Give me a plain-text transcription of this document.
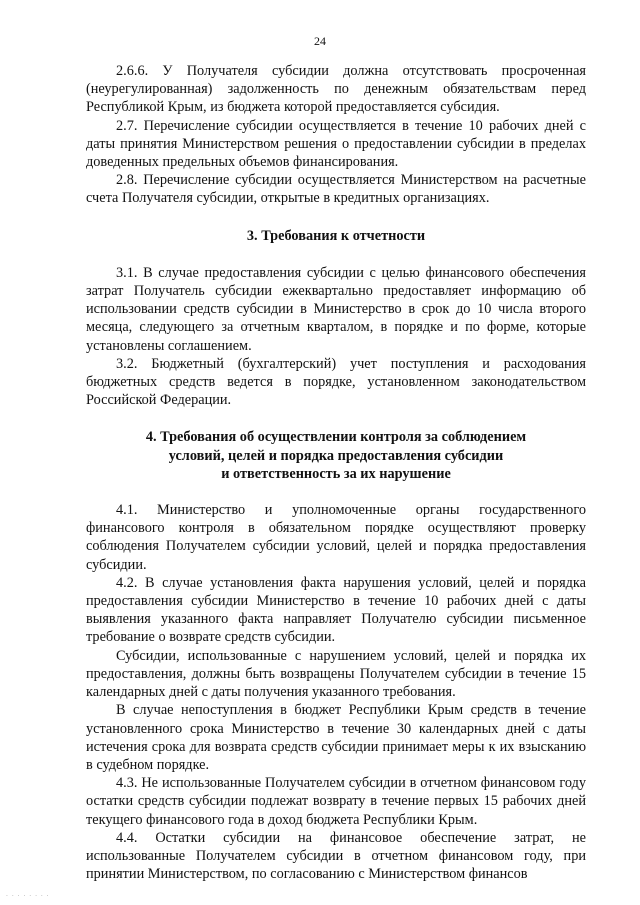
24

2.6.6. У Получателя субсидии должна отсутствовать просроченная (неурегулированная) задолженность по денежным обязательствам перед Республикой Крым, из бюджета которой предоставляется субсидия.

2.7. Перечисление субсидии осуществляется в течение 10 рабочих дней с даты принятия Министерством решения о предоставлении субсидии в пределах доведенных предельных объемов финансирования.

2.8. Перечисление субсидии осуществляется Министерством на расчетные счета Получателя субсидии, открытые в кредитных организациях.

3. Требования к отчетности

3.1. В случае предоставления субсидии с целью финансового обеспечения затрат Получатель субсидии ежеквартально предоставляет информацию об использовании средств субсидии в Министерство в срок до 10 числа второго месяца, следующего за отчетным кварталом, в порядке и по форме, которые установлены соглашением.

3.2. Бюджетный (бухгалтерский) учет поступления и расходования бюджетных средств ведется в порядке, установленном законодательством Российской Федерации.

4. Требования об осуществлении контроля за соблюдением
условий, целей и порядка предоставления субсидии
и ответственность за их нарушение

4.1. Министерство и уполномоченные органы государственного финансового контроля в обязательном порядке осуществляют проверку соблюдения Получателем субсидии условий, целей и порядка предоставления субсидии.

4.2. В случае установления факта нарушения условий, целей и порядка предоставления субсидии Министерство в течение 10 рабочих дней с даты выявления указанного факта направляет Получателю субсидии письменное требование о возврате средств субсидии.

Субсидии, использованные с нарушением условий, целей и порядка их предоставления, должны быть возвращены Получателем субсидии в течение 15 календарных дней с даты получения указанного требования.

В случае непоступления в бюджет Республики Крым средств в течение установленного срока Министерство в течение 30 календарных дней с даты истечения срока для возврата средств субсидии принимает меры к их взысканию в судебном порядке.

4.3. Не использованные Получателем субсидии в отчетном финансовом году остатки средств субсидии подлежат возврату в течение первых 15 рабочих дней текущего финансового года в доход бюджета Республики Крым.

4.4. Остатки субсидии на финансовое обеспечение затрат, не использованные Получателем субсидии в отчетном финансовом году, при принятии Министерством, по согласованию с Министерством финансов

· · · · · · · ·
